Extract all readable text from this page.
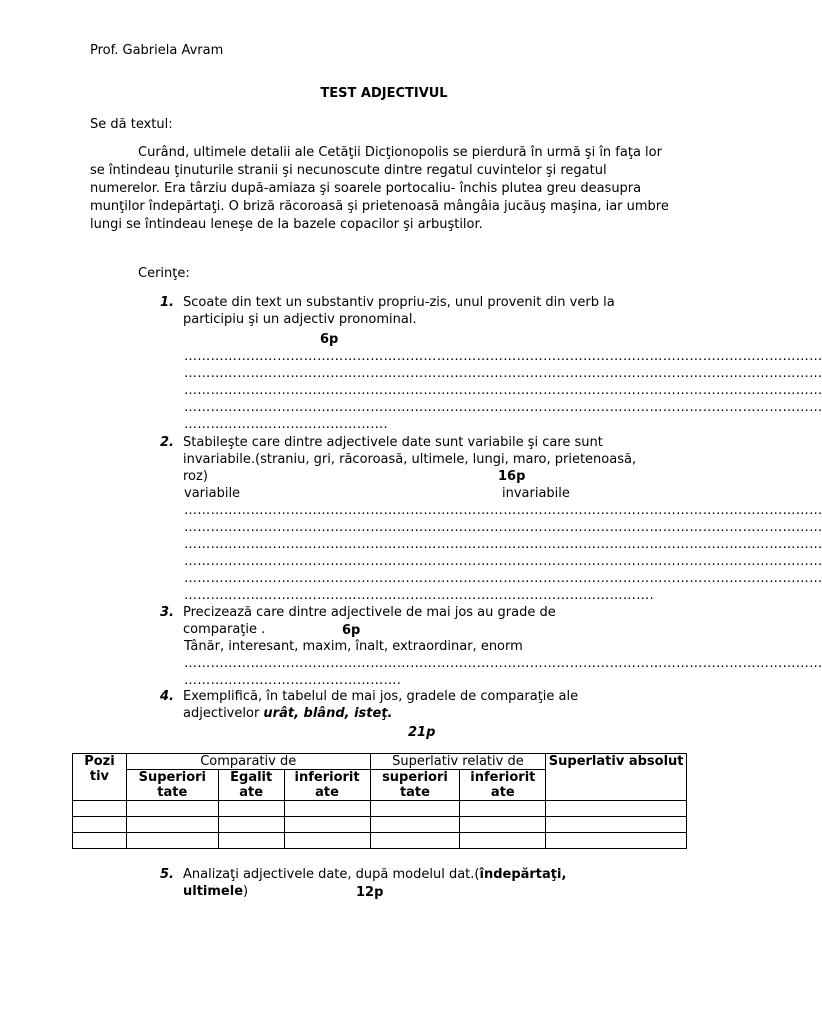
Prof. Gabriela Avram
TEST ADJECTIVUL
Se dă textul:
Curând, ultimele detalii ale Cetăţii Dicţionopolis se pierdură în urmă şi în faţa lor se întindeau ţinuturile stranii şi necunoscute dintre regatul cuvintelor şi regatul numerelor. Era târziu după-amiaza şi soarele portocaliu- închis plutea greu deasupra munţilor îndepărtaţi. O briză răcoroasă şi prietenoasă mângâia jucăuş maşina, iar umbre lungi se întindeau leneşe de la bazele copacilor şi arbuştilor.
Cerinţe:
1. Scoate din text un substantiv propriu-zis, unul provenit din verb la participiu şi un adjectiv pronominal.
6p
………………………………………………………………………………………………………………………………
………………………………………………………………………………………………………………………………
………………………………………………………………………………………………………………………………
………………………………………………………………………………………………………………………………
……………………………………….
2. Stabileşte care dintre adjectivele date sunt variabile şi care sunt invariabile.(straniu, gri, răcoroasă, ultimele, lungi, maro, prietenoasă, roz)	16p
variabile	invariabile
………………………………………………………………………………………………………………………………
………………………………………………………………………………………………………………………………
………………………………………………………………………………………………………………………………
………………………………………………………………………………………………………………………………
………………………………………………………………………………………………………………………………
…………………………………………………………………………………………….
3. Precizează care dintre adjectivele de mai jos au grade de comparaţie .	6p
Tânăr, interesant, maxim, înalt, extraordinar, enorm
………………………………………………………………………………………………………………………………
………………………………………….
4. Exemplifică, în tabelul de mai jos, gradele de comparaţie ale adjectivelor urât, blând, isteţ.
21p
Pozi tiv	Comparativ de			Superlativ relativ de		Superlativ absolut
	Superiori tate	Egalit ate	inferiorit ate	superiori tate	inferiorit ate	

5. Analizaţi adjectivele date, după modelul dat.(îndepărtaţi, ultimele)	12p
